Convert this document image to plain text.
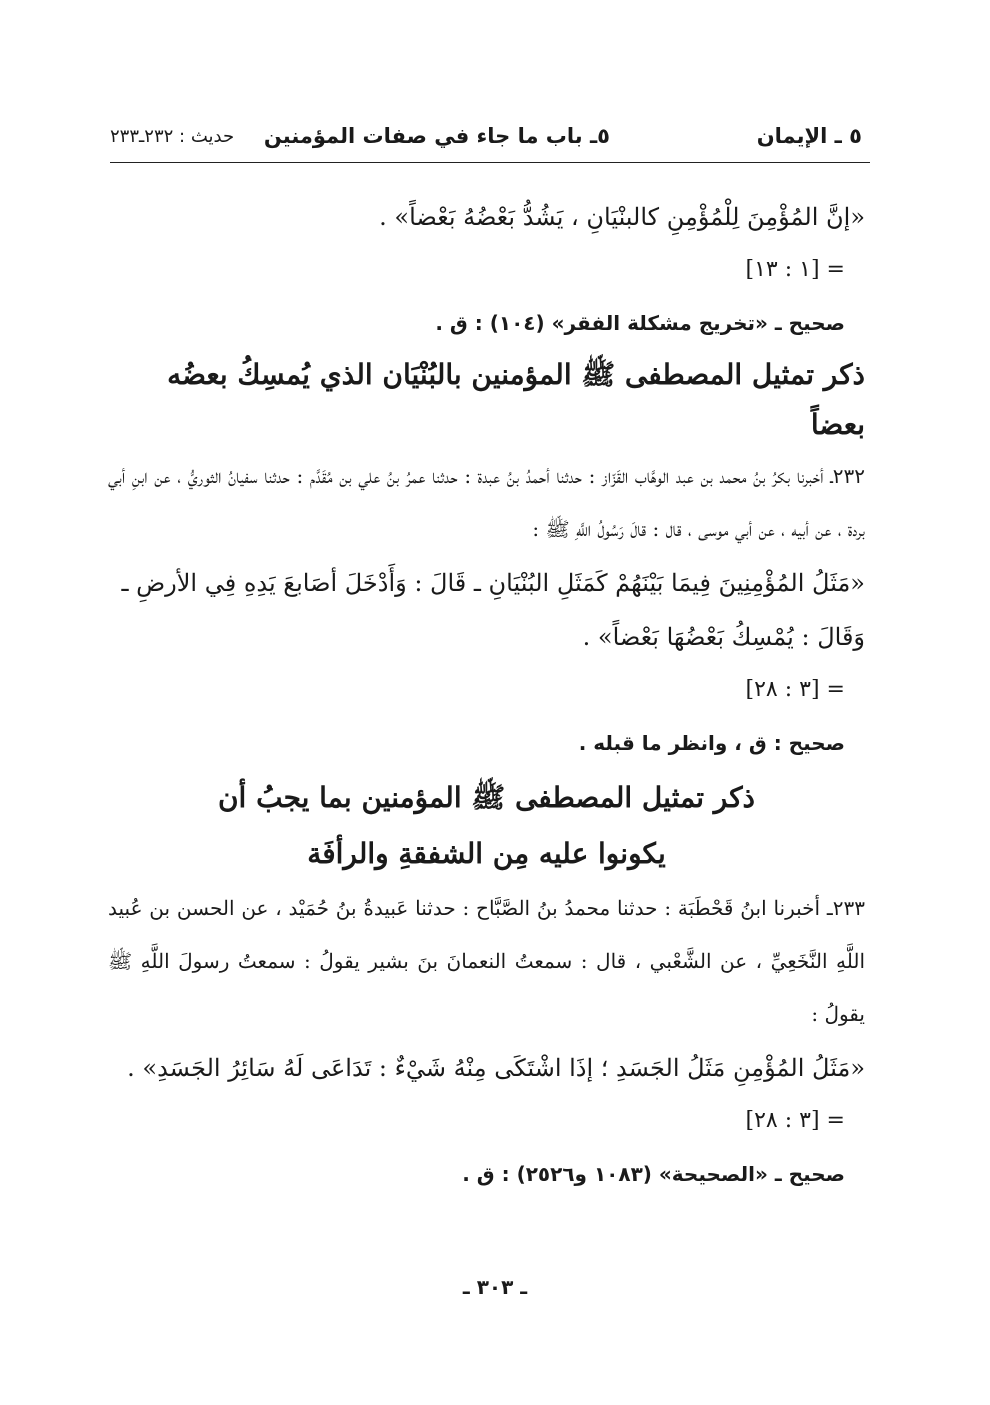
٥ ـ الإيمان
٥ـ باب ما جاء في صفات المؤمنين
حديث : ٢٣٢ـ٢٣٣

«إنَّ المُؤْمِنَ لِلْمُؤْمِنِ كالبنْيَانِ ، يَشُدُّ بَعْضُهُ بَعْضاً» .

= [١ : ١٣]

صحيح ـ «تخريج مشكلة الفقر» (١٠٤) : ق .

ذكر تمثيل المصطفى ﷺ المؤمنين بالبُنْيَان الذي يُمسِكُ بعضُه بعضاً

٢٣٢ـ أخبرنا بكرُ بنُ محمد بن عبد الوهَّاب القَزّاز : حدثنا أحمدُ بنُ عبدة : حدثنا عمرُ بنُ علي بن مُقَدَّم : حدثنا سفيانُ الثوريُّ ، عن ابنِ أبي بردة ، عن أبيه ، عن أبي موسى ، قال : قالَ رَسُولُ اللَّهِ ﷺ :

«مَثَلُ المُؤْمِنِينَ فِيمَا بَيْنَهُمْ كَمَثَلِ البُنْيَانِ ـ قَالَ : وَأَدْخَلَ أصَابعَ يَدِهِ فِي الأرضِ ـ وَقَالَ : يُمْسِكُ بَعْضُهَا بَعْضاً» .

= [٣ : ٢٨]

صحيح : ق ، وانظر ما قبله .

ذكر تمثيل المصطفى ﷺ المؤمنين بما يجبُ أن يكونوا عليه مِن الشفقةِ والرأفَة

٢٣٣ـ أخبرنا ابنُ قَحْطَبَة : حدثنا محمدُ بنُ الصَّبَّاح : حدثنا عَبيدةُ بنُ حُمَيْد ، عن الحسن بن عُبيد اللَّهِ النَّخَعِيِّ ، عن الشَّعْبي ، قال : سمعتُ النعمانَ بنَ بشير يقولُ : سمعتُ رسولَ اللَّهِ ﷺ يقولُ :

«مَثَلُ المُؤْمِنِ مَثَلُ الجَسَدِ ؛ إذَا اشْتَكَى مِنْهُ شَيْءٌ : تَدَاعَى لَهُ سَائِرُ الجَسَدِ» .

= [٣ : ٢٨]

صحيح ـ «الصحيحة» (١٠٨٣ و٢٥٢٦) : ق .

ـ ٣٠٣ ـ
